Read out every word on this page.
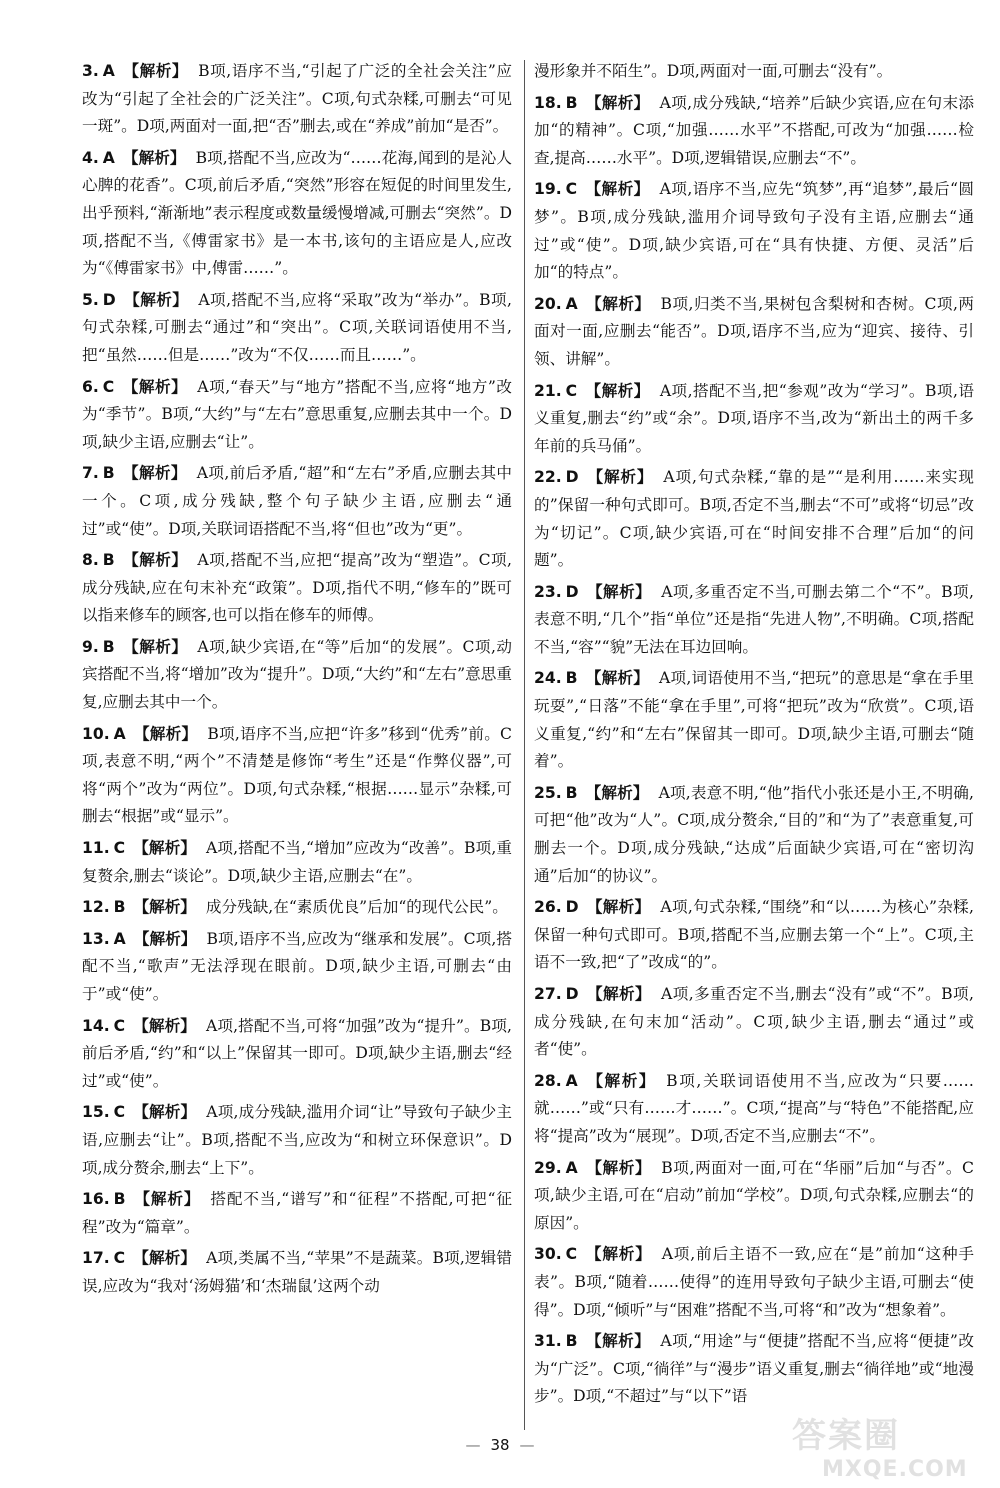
3. A 【解析】 B项,语序不当,“引起了广泛的全社会关注”应改为“引起了全社会的广泛关注”。C项,句式杂糅,可删去“可见一斑”。D项,两面对一面,把“否”删去,或在“养成”前加“是否”。

4. A 【解析】 B项,搭配不当,应改为“……花海,闻到的是沁人心脾的花香”。C项,前后矛盾,“突然”形容在短促的时间里发生,出乎预料,“渐渐地”表示程度或数量缓慢增减,可删去“突然”。D项,搭配不当,《傅雷家书》是一本书,该句的主语应是人,应改为“《傅雷家书》中,傅雷……”。

5. D 【解析】 A项,搭配不当,应将“采取”改为“举办”。B项,句式杂糅,可删去“通过”和“突出”。C项,关联词语使用不当,把“虽然……但是……”改为“不仅……而且……”。

6. C 【解析】 A项,“春天”与“地方”搭配不当,应将“地方”改为“季节”。B项,“大约”与“左右”意思重复,应删去其中一个。D项,缺少主语,应删去“让”。

7. B 【解析】 A项,前后矛盾,“超”和“左右”矛盾,应删去其中一个。C项,成分残缺,整个句子缺少主语,应删去“通过”或“使”。D项,关联词语搭配不当,将“但也”改为“更”。

8. B 【解析】 A项,搭配不当,应把“提高”改为“塑造”。C项,成分残缺,应在句末补充“政策”。D项,指代不明,“修车的”既可以指来修车的顾客,也可以指在修车的师傅。

9. B 【解析】 A项,缺少宾语,在“等”后加“的发展”。C项,动宾搭配不当,将“增加”改为“提升”。D项,“大约”和“左右”意思重复,应删去其中一个。

10. A 【解析】 B项,语序不当,应把“许多”移到“优秀”前。C项,表意不明,“两个”不清楚是修饰“考生”还是“作弊仪器”,可将“两个”改为“两位”。D项,句式杂糅,“根据……显示”杂糅,可删去“根据”或“显示”。

11. C 【解析】 A项,搭配不当,“增加”应改为“改善”。B项,重复赘余,删去“谈论”。D项,缺少主语,应删去“在”。

12. B 【解析】 成分残缺,在“素质优良”后加“的现代公民”。

13. A 【解析】 B项,语序不当,应改为“继承和发展”。C项,搭配不当,“歌声”无法浮现在眼前。D项,缺少主语,可删去“由于”或“使”。

14. C 【解析】 A项,搭配不当,可将“加强”改为“提升”。B项,前后矛盾,“约”和“以上”保留其一即可。D项,缺少主语,删去“经过”或“使”。

15. C 【解析】 A项,成分残缺,滥用介词“让”导致句子缺少主语,应删去“让”。B项,搭配不当,应改为“和树立环保意识”。D项,成分赘余,删去“上下”。

16. B 【解析】 搭配不当,“谱写”和“征程”不搭配,可把“征程”改为“篇章”。

17. C 【解析】 A项,类属不当,“苹果”不是蔬菜。B项,逻辑错误,应改为“我对‘汤姆猫’和‘杰瑞鼠’这两个动

漫形象并不陌生”。D项,两面对一面,可删去“没有”。

18. B 【解析】 A项,成分残缺,“培养”后缺少宾语,应在句末添加“的精神”。C项,“加强……水平”不搭配,可改为“加强……检查,提高……水平”。D项,逻辑错误,应删去“不”。

19. C 【解析】 A项,语序不当,应先“筑梦”,再“追梦”,最后“圆梦”。B项,成分残缺,滥用介词导致句子没有主语,应删去“通过”或“使”。D项,缺少宾语,可在“具有快捷、方便、灵活”后加“的特点”。

20. A 【解析】 B项,归类不当,果树包含梨树和杏树。C项,两面对一面,应删去“能否”。D项,语序不当,应为“迎宾、接待、引领、讲解”。

21. C 【解析】 A项,搭配不当,把“参观”改为“学习”。B项,语义重复,删去“约”或“余”。D项,语序不当,改为“新出土的两千多年前的兵马俑”。

22. D 【解析】 A项,句式杂糅,“靠的是”“是利用……来实现的”保留一种句式即可。B项,否定不当,删去“不可”或将“切忌”改为“切记”。C项,缺少宾语,可在“时间安排不合理”后加“的问题”。

23. D 【解析】 A项,多重否定不当,可删去第二个“不”。B项,表意不明,“几个”指“单位”还是指“先进人物”,不明确。C项,搭配不当,“容”“貌”无法在耳边回响。

24. B 【解析】 A项,词语使用不当,“把玩”的意思是“拿在手里玩耍”,“日落”不能“拿在手里”,可将“把玩”改为“欣赏”。C项,语义重复,“约”和“左右”保留其一即可。D项,缺少主语,可删去“随着”。

25. B 【解析】 A项,表意不明,“他”指代小张还是小王,不明确,可把“他”改为“人”。C项,成分赘余,“目的”和“为了”表意重复,可删去一个。D项,成分残缺,“达成”后面缺少宾语,可在“密切沟通”后加“的协议”。

26. D 【解析】 A项,句式杂糅,“围绕”和“以……为核心”杂糅,保留一种句式即可。B项,搭配不当,应删去第一个“上”。C项,主语不一致,把“了”改成“的”。

27. D 【解析】 A项,多重否定不当,删去“没有”或“不”。B项,成分残缺,在句末加“活动”。C项,缺少主语,删去“通过”或者“使”。

28. A 【解析】 B项,关联词语使用不当,应改为“只要……就……”或“只有……才……”。C项,“提高”与“特色”不能搭配,应将“提高”改为“展现”。D项,否定不当,应删去“不”。

29. A 【解析】 B项,两面对一面,可在“华丽”后加“与否”。C项,缺少主语,可在“启动”前加“学校”。D项,句式杂糅,应删去“的原因”。

30. C 【解析】 A项,前后主语不一致,应在“是”前加“这种手表”。B项,“随着……使得”的连用导致句子缺少主语,可删去“使得”。D项,“倾听”与“困难”搭配不当,可将“和”改为“想象着”。

31. B 【解析】 A项,“用途”与“便捷”搭配不当,应将“便捷”改为“广泛”。C项,“徜徉”与“漫步”语义重复,删去“徜徉地”或“地漫步”。D项,“不超过”与“以下”语

— 38 —	答案圈
MXQE.COM
